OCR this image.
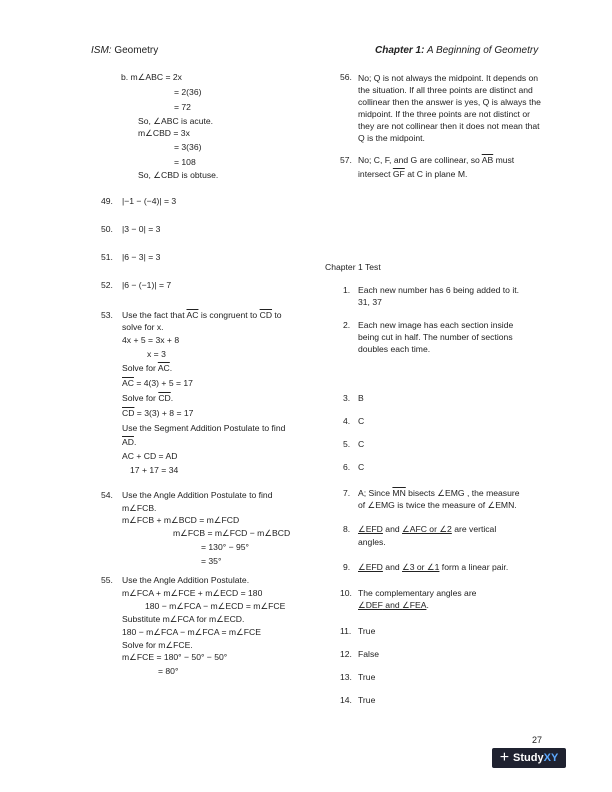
ISM: Geometry	Chapter 1: A Beginning of Geometry
b. m∠ABC = 2x
= 2(36)
= 72
So, ∠ABC is acute.
m∠CBD = 3x
= 3(36)
= 108
So, ∠CBD is obtuse.
49. |−1 − (−4)| = 3
50. |3 − 0| = 3
51. |6 − 3| = 3
52. |6 − (−1)| = 7
53. Use the fact that $\overline{AC}$ is congruent to $\overline{CD}$ to
solve for x.
4x + 5 = 3x + 8
x = 3
Solve for $\overline{AC}$.
$\overline{AC} = 4(3) + 5 = 17$
Solve for $\overline{CD}$.
$\overline{CD} = 3(3) + 8 = 17$
Use the Segment Addition Postulate to find
$\overline{AD}$.
AC + CD = AD
17 + 17 = 34
54. Use the Angle Addition Postulate to find
m∠FCB.
m∠FCB + m∠BCD = m∠FCD
m∠FCB = m∠FCD − m∠BCD
= 130° − 95°
= 35°
55. Use the Angle Addition Postulate.
m∠FCA + m∠FCE + m∠ECD = 180
180 − m∠FCA − m∠ECD = m∠FCE
Substitute m∠FCA for m∠ECD.
180 − m∠FCA − m∠FCA = m∠FCE
Solve for m∠FCE.
m∠FCE = 180° − 50° − 50°
= 80°
56. No; Q is not always the midpoint. It depends on the situation. If all three points are distinct and collinear then the answer is yes, Q is always the midpoint. If the three points are not distinct or they are not collinear then it does not mean that Q is the midpoint.
57. No; C, F, and G are collinear, so $\overline{AB}$ must
intersect $\overline{GF}$ at C in plane M.
Chapter 1 Test
1. Each new number has 6 being added to it.
31, 37
2. Each new image has each section inside
being cut in half. The number of sections
doubles each time.
3. B
4. C
5. C
6. C
7. A; Since $\overline{MN}$ bisects ∠EMG , the measure
of ∠EMG is twice the measure of ∠EMN.
8. ∠EFD and ∠AFC or ∠2 are vertical
angles.
9. ∠EFD and ∠3 or ∠1 form a linear pair.
10. The complementary angles are
∠DEF and ∠FEA.
11. True
12. False
13. True
14. True
27
+ Study XY
